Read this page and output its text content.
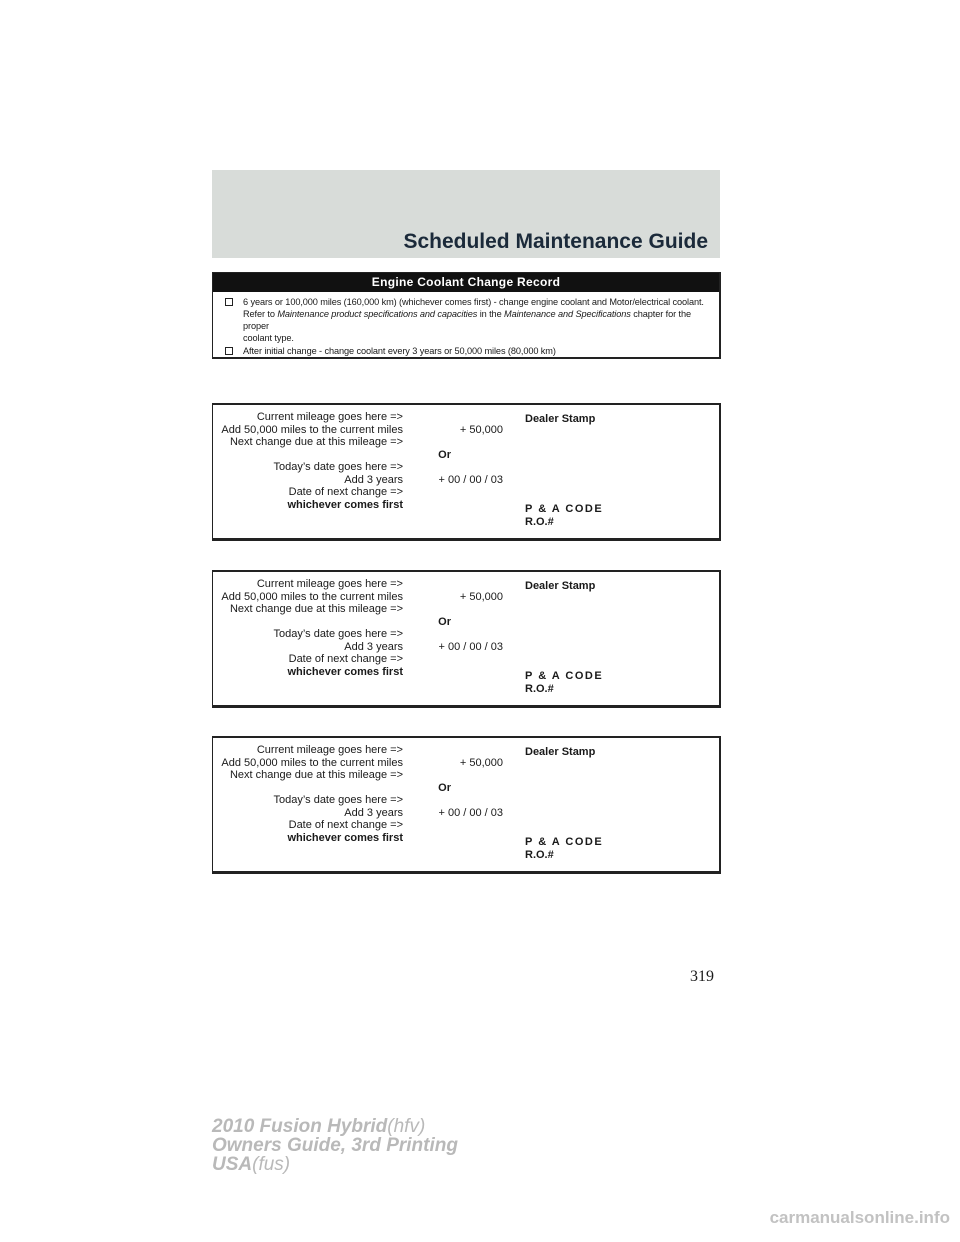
Scheduled Maintenance Guide
Engine Coolant Change Record
6 years or 100,000 miles (160,000 km) (whichever comes first) - change engine coolant and Motor/electrical coolant.
Refer to Maintenance product specifications and capacities in the Maintenance and Specifications chapter for the proper
coolant type.
After initial change - change coolant every 3 years or 50,000 miles (80,000 km)
Current mileage goes here =>
Add 50,000 miles to the current miles
Next change due at this mileage =>
Today’s date goes here =>
Add 3 years
Date of next change =>
whichever comes first
Or
+ 50,000
+ 00 / 00 / 03
Dealer Stamp
P & A CODE
R.O.#
Current mileage goes here =>
Add 50,000 miles to the current miles
Next change due at this mileage =>
Today’s date goes here =>
Add 3 years
Date of next change =>
whichever comes first
Or
+ 50,000
+ 00 / 00 / 03
Dealer Stamp
P & A CODE
R.O.#
Current mileage goes here =>
Add 50,000 miles to the current miles
Next change due at this mileage =>
Today’s date goes here =>
Add 3 years
Date of next change =>
whichever comes first
Or
+ 50,000
+ 00 / 00 / 03
Dealer Stamp
P & A CODE
R.O.#
319
2010 Fusion Hybrid(hfv)
Owners Guide, 3rd Printing
USA(fus)
carmanualsonline.info
